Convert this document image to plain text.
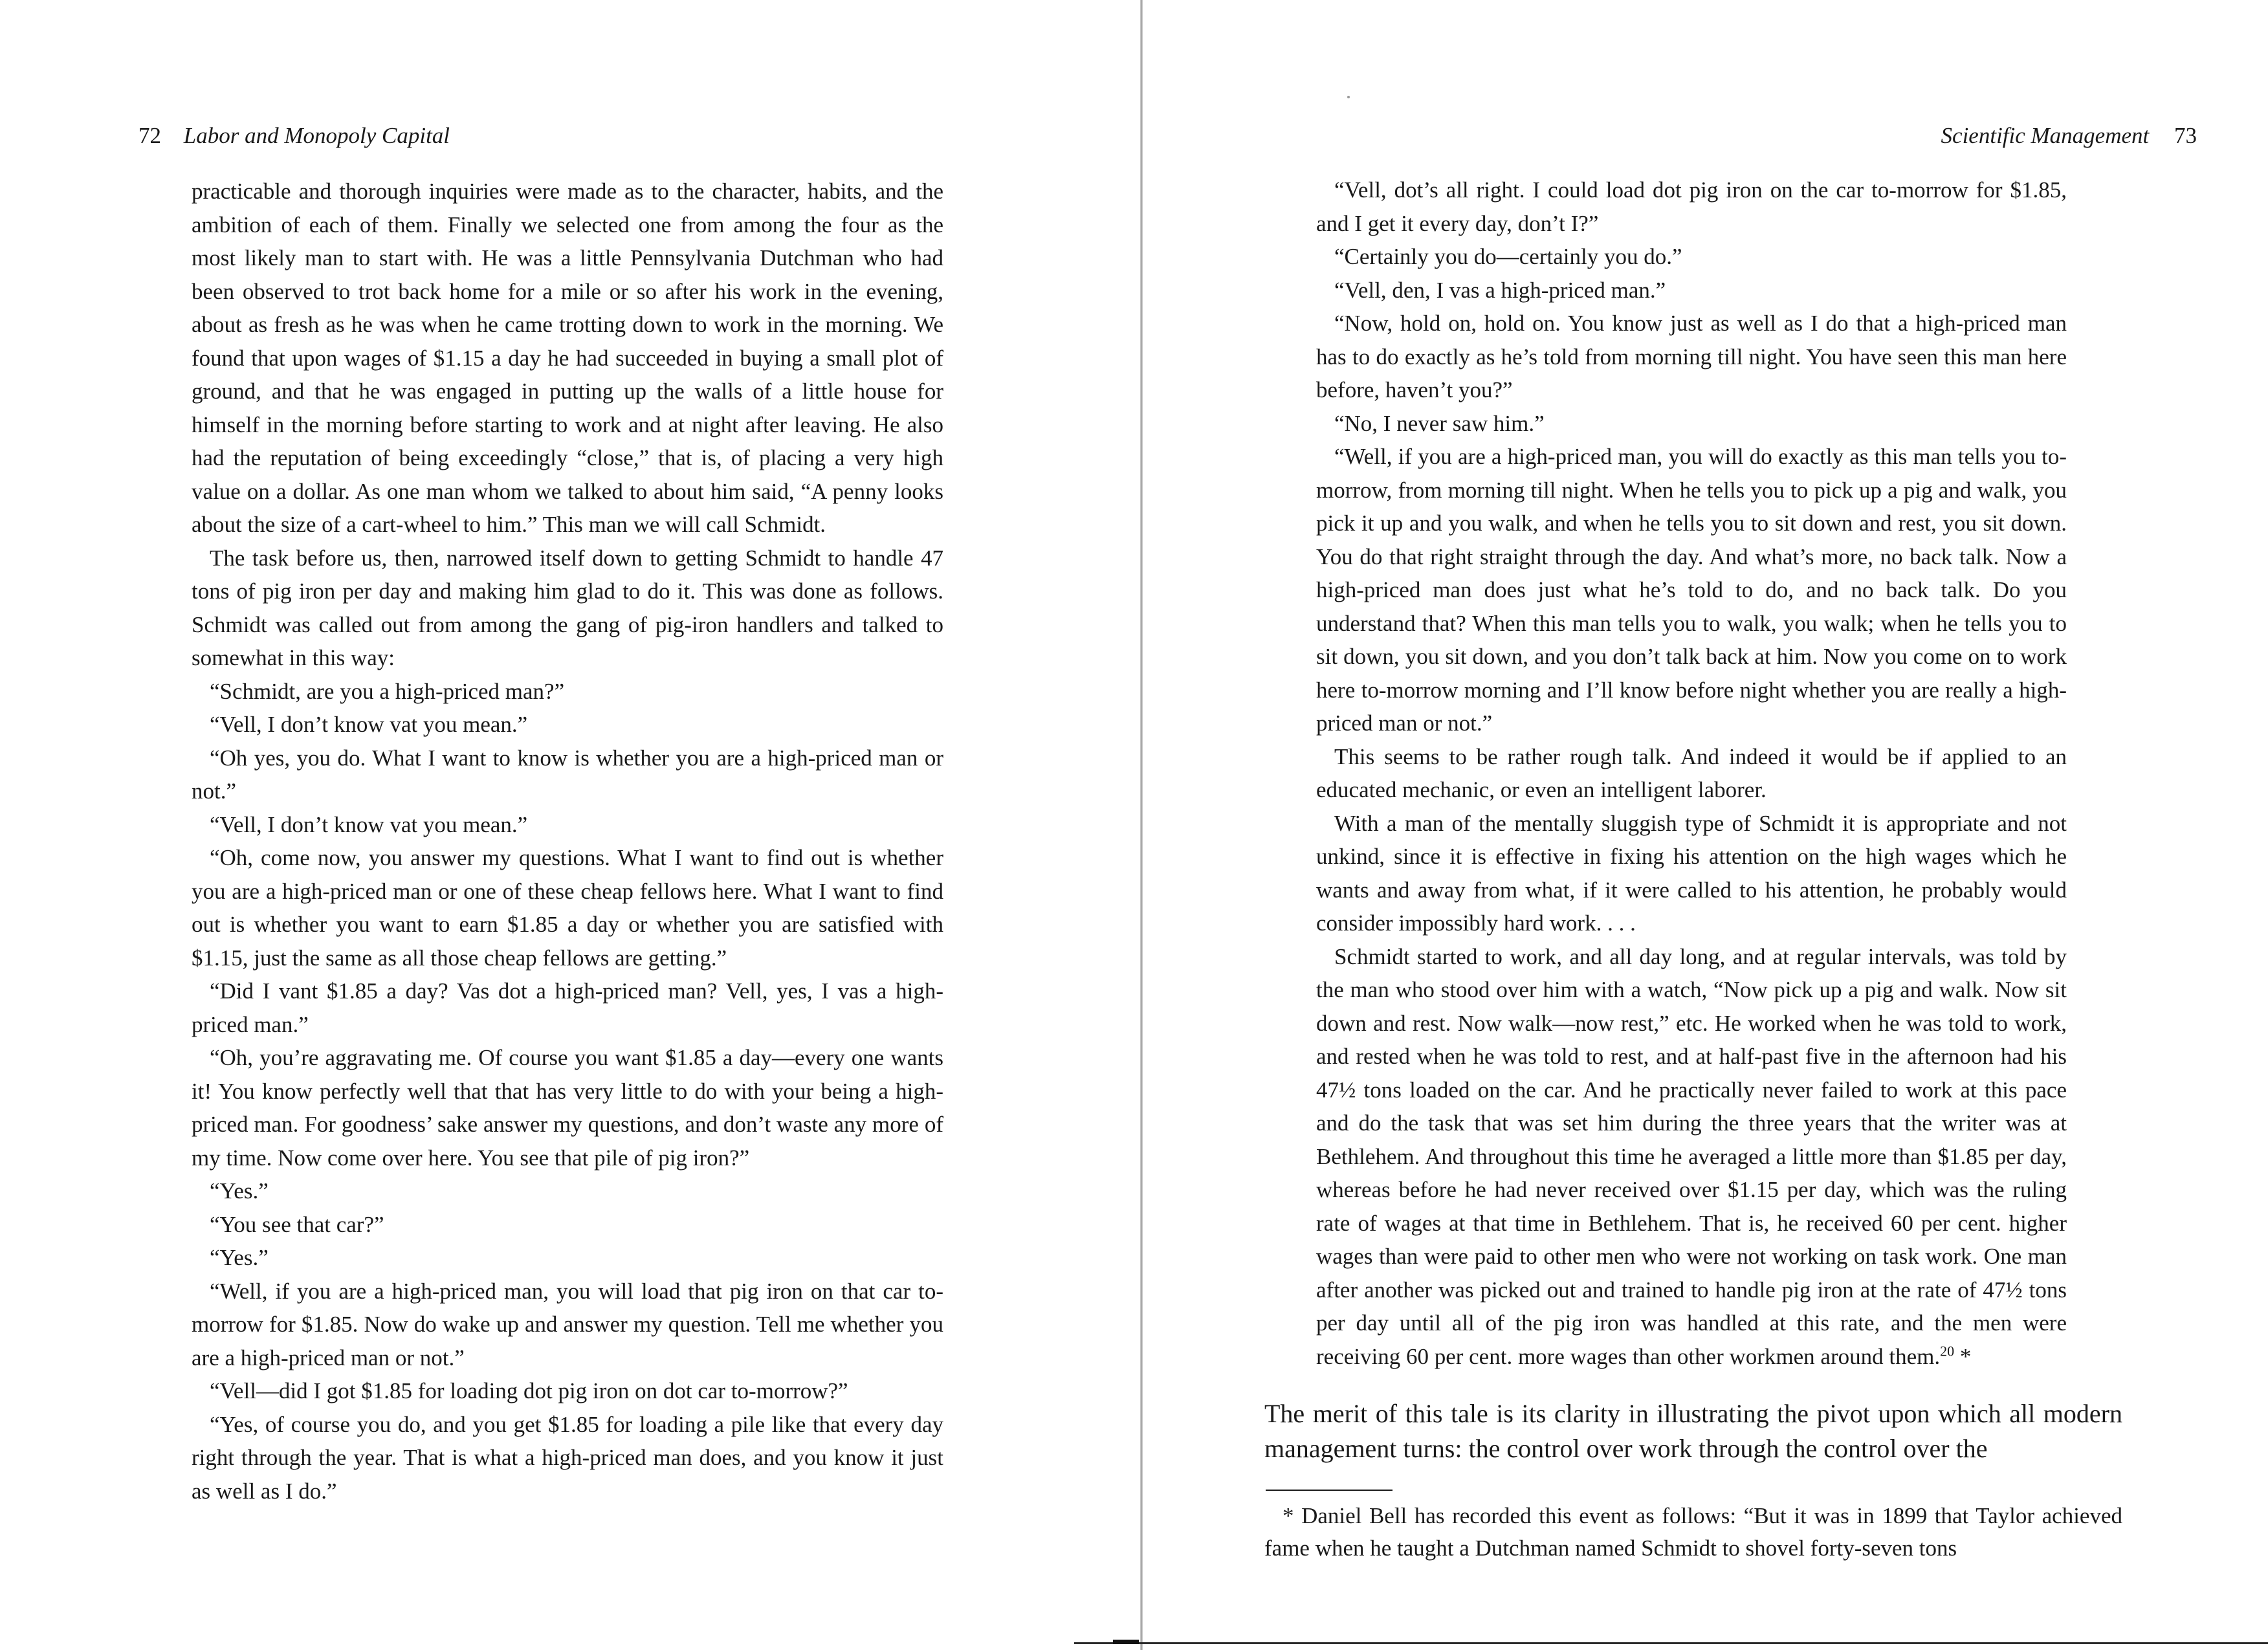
72 Labor and Monopoly Capital

practicable and thorough inquiries were made as to the character, habits, and the ambition of each of them. Finally we selected one from among the four as the most likely man to start with. He was a little Pennsylvania Dutchman who had been observed to trot back home for a mile or so after his work in the evening, about as fresh as he was when he came trotting down to work in the morning. We found that upon wages of $1.15 a day he had succeeded in buying a small plot of ground, and that he was engaged in putting up the walls of a little house for himself in the morning before starting to work and at night after leaving. He also had the reputation of being exceedingly “close,” that is, of placing a very high value on a dollar. As one man whom we talked to about him said, “A penny looks about the size of a cart-wheel to him.” This man we will call Schmidt.

The task before us, then, narrowed itself down to getting Schmidt to handle 47 tons of pig iron per day and making him glad to do it. This was done as follows. Schmidt was called out from among the gang of pig-iron handlers and talked to somewhat in this way:

“Schmidt, are you a high-priced man?”

“Vell, I don’t know vat you mean.”

“Oh yes, you do. What I want to know is whether you are a high-priced man or not.”

“Vell, I don’t know vat you mean.”

“Oh, come now, you answer my questions. What I want to find out is whether you are a high-priced man or one of these cheap fellows here. What I want to find out is whether you want to earn $1.85 a day or whether you are satisfied with $1.15, just the same as all those cheap fellows are getting.”

“Did I vant $1.85 a day? Vas dot a high-priced man? Vell, yes, I vas a high-priced man.”

“Oh, you’re aggravating me. Of course you want $1.85 a day—every one wants it! You know perfectly well that that has very little to do with your being a high-priced man. For goodness’ sake answer my questions, and don’t waste any more of my time. Now come over here. You see that pile of pig iron?”

“Yes.”

“You see that car?”

“Yes.”

“Well, if you are a high-priced man, you will load that pig iron on that car to-morrow for $1.85. Now do wake up and answer my question. Tell me whether you are a high-priced man or not.”

“Vell—did I got $1.85 for loading dot pig iron on dot car to-morrow?”

“Yes, of course you do, and you get $1.85 for loading a pile like that every day right through the year. That is what a high-priced man does, and you know it just as well as I do.”

Scientific Management 73

“Vell, dot’s all right. I could load dot pig iron on the car to-morrow for $1.85, and I get it every day, don’t I?”

“Certainly you do—certainly you do.”

“Vell, den, I vas a high-priced man.”

“Now, hold on, hold on. You know just as well as I do that a high-priced man has to do exactly as he’s told from morning till night. You have seen this man here before, haven’t you?”

“No, I never saw him.”

“Well, if you are a high-priced man, you will do exactly as this man tells you to-morrow, from morning till night. When he tells you to pick up a pig and walk, you pick it up and you walk, and when he tells you to sit down and rest, you sit down. You do that right straight through the day. And what’s more, no back talk. Now a high-priced man does just what he’s told to do, and no back talk. Do you understand that? When this man tells you to walk, you walk; when he tells you to sit down, you sit down, and you don’t talk back at him. Now you come on to work here to-morrow morning and I’ll know before night whether you are really a high-priced man or not.”

This seems to be rather rough talk. And indeed it would be if applied to an educated mechanic, or even an intelligent laborer.

With a man of the mentally sluggish type of Schmidt it is appropriate and not unkind, since it is effective in fixing his attention on the high wages which he wants and away from what, if it were called to his attention, he probably would consider impossibly hard work. . . .

Schmidt started to work, and all day long, and at regular intervals, was told by the man who stood over him with a watch, “Now pick up a pig and walk. Now sit down and rest. Now walk—now rest,” etc. He worked when he was told to work, and rested when he was told to rest, and at half-past five in the afternoon had his 47½ tons loaded on the car. And he practically never failed to work at this pace and do the task that was set him during the three years that the writer was at Bethlehem. And throughout this time he averaged a little more than $1.85 per day, whereas before he had never received over $1.15 per day, which was the ruling rate of wages at that time in Bethlehem. That is, he received 60 per cent. higher wages than were paid to other men who were not working on task work. One man after another was picked out and trained to handle pig iron at the rate of 47½ tons per day until all of the pig iron was handled at this rate, and the men were receiving 60 per cent. more wages than other workmen around them.$^{20}$ *

The merit of this tale is its clarity in illustrating the pivot upon which all modern management turns: the control over work through the control over the

* Daniel Bell has recorded this event as follows: “But it was in 1899 that Taylor achieved fame when he taught a Dutchman named Schmidt to shovel forty-seven tons
